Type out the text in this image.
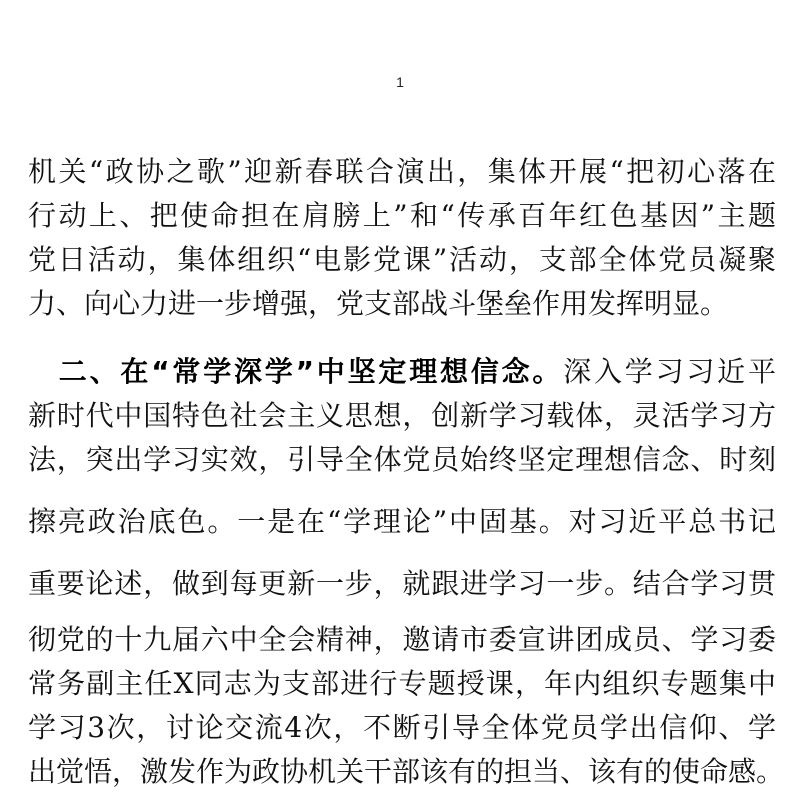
1
机关“政协之歌”迎新春联合演出，集体开展“把初心落在
行动上、把使命担在肩膀上”和“传承百年红色基因”主题
党日活动，集体组织“电影党课”活动，支部全体党员凝聚
力、向心力进一步增强，党支部战斗堡垒作用发挥明显。
　二、在“常学深学”中坚定理想信念。深入学习习近平
新时代中国特色社会主义思想，创新学习载体，灵活学习方
法，突出学习实效，引导全体党员始终坚定理想信念、时刻
擦亮政治底色。一是在“学理论”中固基。对习近平总书记
重要论述，做到每更新一步，就跟进学习一步。结合学习贯
彻党的十九届六中全会精神，邀请市委宣讲团成员、学习委
常务副主任X同志为支部进行专题授课，年内组织专题集中
学习3次，讨论交流4次，不断引导全体党员学出信仰、学
出觉悟，激发作为政协机关干部该有的担当、该有的使命感。
